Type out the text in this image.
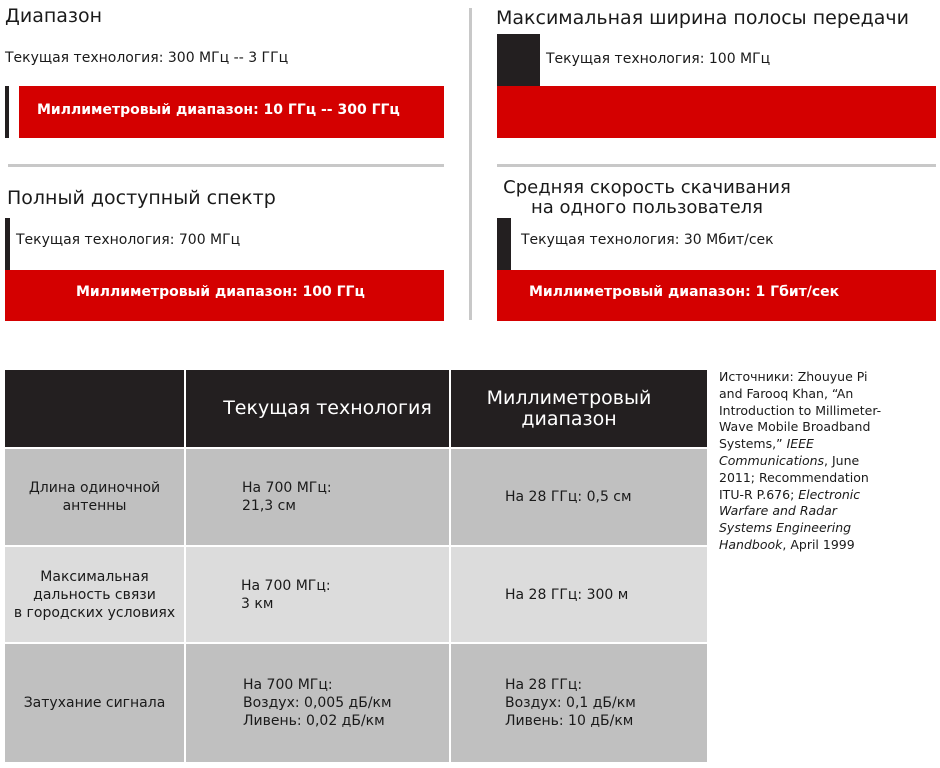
Диапазон
Текущая технология: 300 МГц -- 3 ГГц
Миллиметровый диапазон: 10 ГГц -- 300 ГГц
Полный доступный спектр
Текущая технология: 700 МГц
Миллиметровый диапазон: 100 ГГц
Максимальная ширина полосы передачи
Текущая технология: 100 МГц
Средняя скорость скачивания
на одного пользователя
Текущая технология: 30 Мбит/сек
Миллиметровый диапазон: 1 Гбит/сек
Текущая технология	Миллиметровый
диапазон
Длина одиночной
антенны
На 700 МГц:
21,3 см
На 28 ГГц: 0,5 см
Максимальная
дальность связи
в городских условиях
На 700 МГц:
3 км
На 28 ГГц: 300 м
Затухание сигнала
На 700 МГц:
Воздух: 0,005 дБ/км
Ливень: 0,02 дБ/км
На 28 ГГц:
Воздух: 0,1 дБ/км
Ливень: 10 дБ/км
Источники: Zhouyue Pi and Farooq Khan, “An Introduction to Millimeter-Wave Mobile Broadband Systems,” IEEE Communications, June 2011; Recommendation ITU-R P.676; Electronic Warfare and Radar Systems Engineering Handbook, April 1999
